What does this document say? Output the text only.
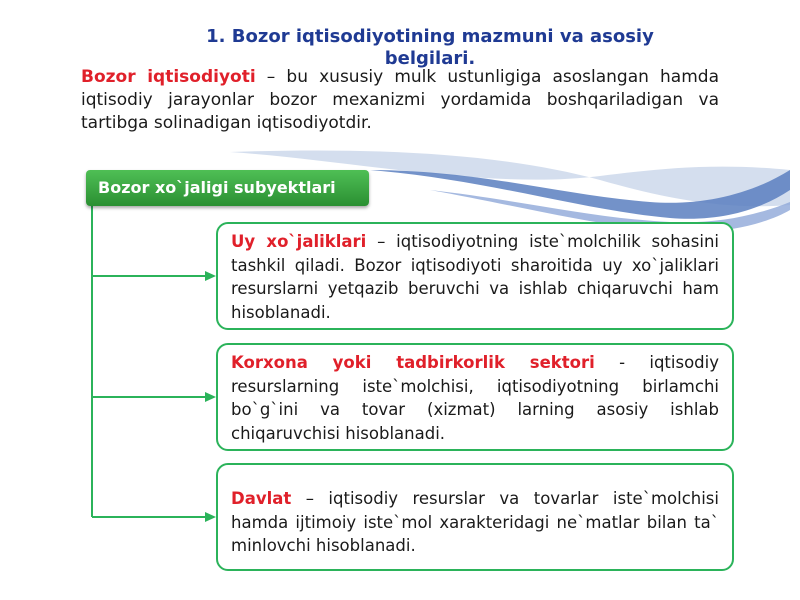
1. Bozor iqtisodiyotining mazmuni va asosiy belgilari.
Bozor iqtisodiyoti – bu xususiy mulk ustunligiga asoslangan hamda iqtisodiy jarayonlar bozor mexanizmi yordamida boshqariladigan va tartibga solinadigan iqtisodiyotdir.
Bozor xo`jaligi subyektlari
Uy xo`jaliklari – iqtisodiyotning iste`molchilik sohasini tashkil qiladi. Bozor iqtisodiyoti sharoitida uy xo`jaliklari resurslarni yetqazib beruvchi va ishlab chiqaruvchi ham hisoblanadi.
Korxona yoki tadbirkorlik sektori - iqtisodiy resurslarning iste`molchisi, iqtisodiyotning birlamchi bo`g`ini va tovar (xizmat) larning asosiy ishlab chiqaruvchisi hisoblanadi.
Davlat – iqtisodiy resurslar va tovarlar iste`molchisi hamda ijtimoiy iste`mol xarakteridagi ne`matlar bilan ta` minlovchi hisoblanadi.
